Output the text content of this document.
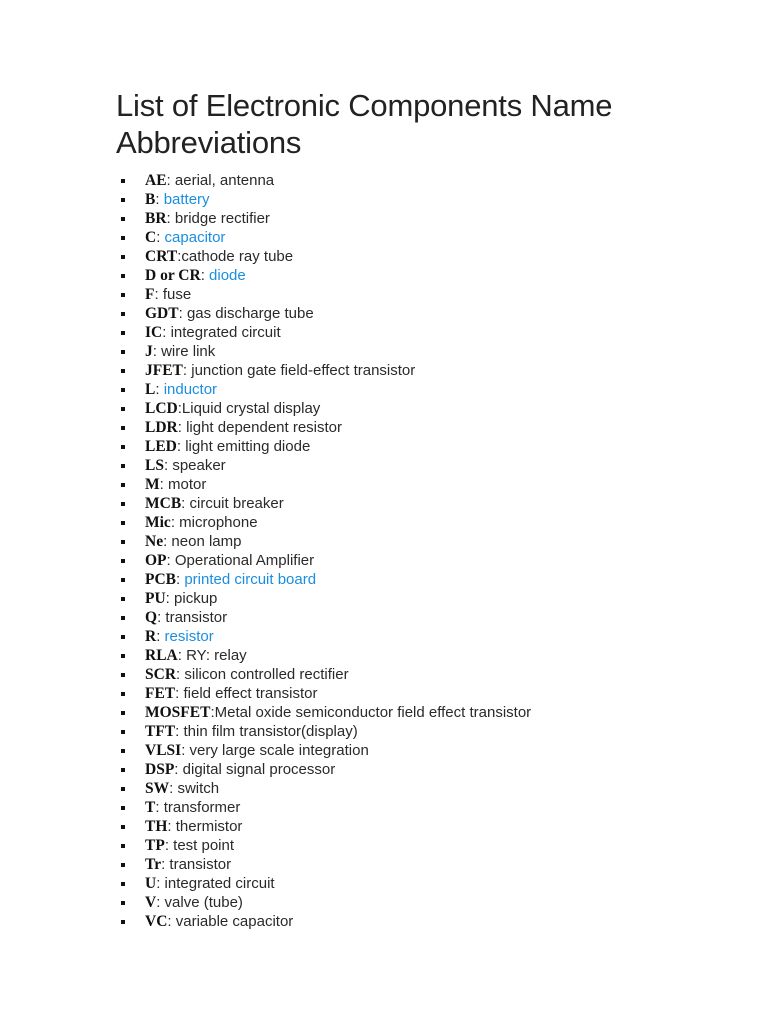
List of Electronic Components Name Abbreviations
AE: aerial, antenna
B: battery
BR: bridge rectifier
C: capacitor
CRT:cathode ray tube
D or CR: diode
F: fuse
GDT: gas discharge tube
IC: integrated circuit
J: wire link
JFET: junction gate field-effect transistor
L: inductor
LCD:Liquid crystal display
LDR: light dependent resistor
LED: light emitting diode
LS: speaker
M: motor
MCB: circuit breaker
Mic: microphone
Ne: neon lamp
OP: Operational Amplifier
PCB: printed circuit board
PU: pickup
Q: transistor
R: resistor
RLA: RY: relay
SCR: silicon controlled rectifier
FET: field effect transistor
MOSFET:Metal oxide semiconductor field effect transistor
TFT: thin film transistor(display)
VLSI: very large scale integration
DSP: digital signal processor
SW: switch
T: transformer
TH: thermistor
TP: test point
Tr: transistor
U: integrated circuit
V: valve (tube)
VC: variable capacitor
